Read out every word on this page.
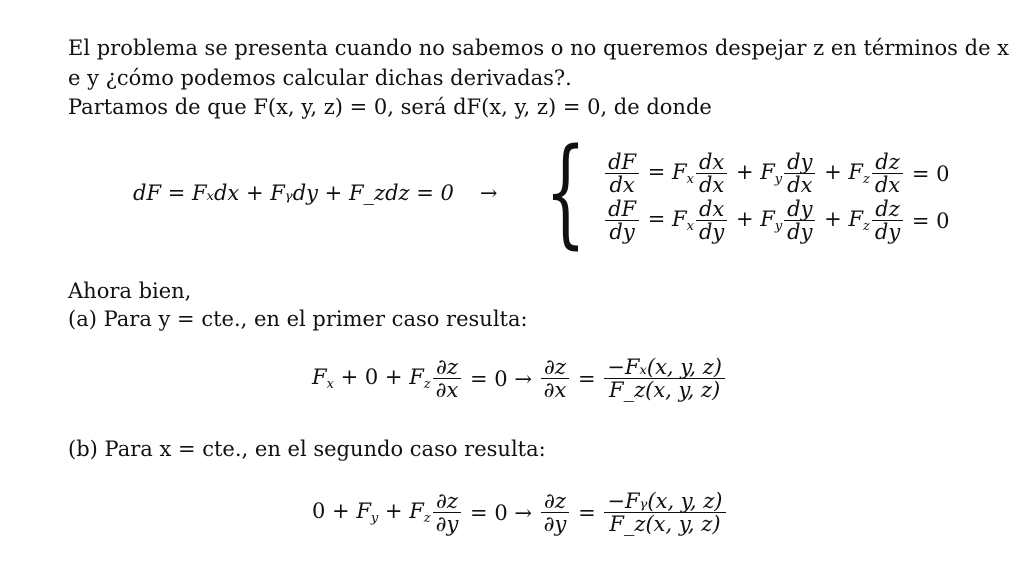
El problema se presenta cuando no sabemos o no queremos despejar z en términos de x
e y ¿cómo podemos calcular dichas derivadas?.
Partamos de que F(x, y, z) = 0, será dF(x, y, z) = 0, de donde
dF = Fₓdx + Fᵧdy + F_zdz = 0 → { $\frac{dF}{dx} = F_x \frac{dx}{dx} + F_y \frac{dy}{dx} + F_z \frac{dz}{dx} = 0$
$\frac{dF}{dy} = F_x \frac{dx}{dy} + F_y \frac{dy}{dy} + F_z \frac{dz}{dy} = 0$
Ahora bien,
(a) Para y = cte., en el primer caso resulta:
$F_x + 0 + F_z \frac{\partial z}{\partial x} = 0 \to \frac{\partial z}{\partial x} = \frac{\text{−Fₓ(x, y, z)}}{F\_z(x, y, z)}$
(b) Para x = cte., en el segundo caso resulta:
$0 + F_y + F_z \frac{\partial z}{\partial y} = 0 \to \frac{\partial z}{\partial y} = \frac{\text{−Fᵧ(x, y, z)}}{F\_z(x, y, z)}$
